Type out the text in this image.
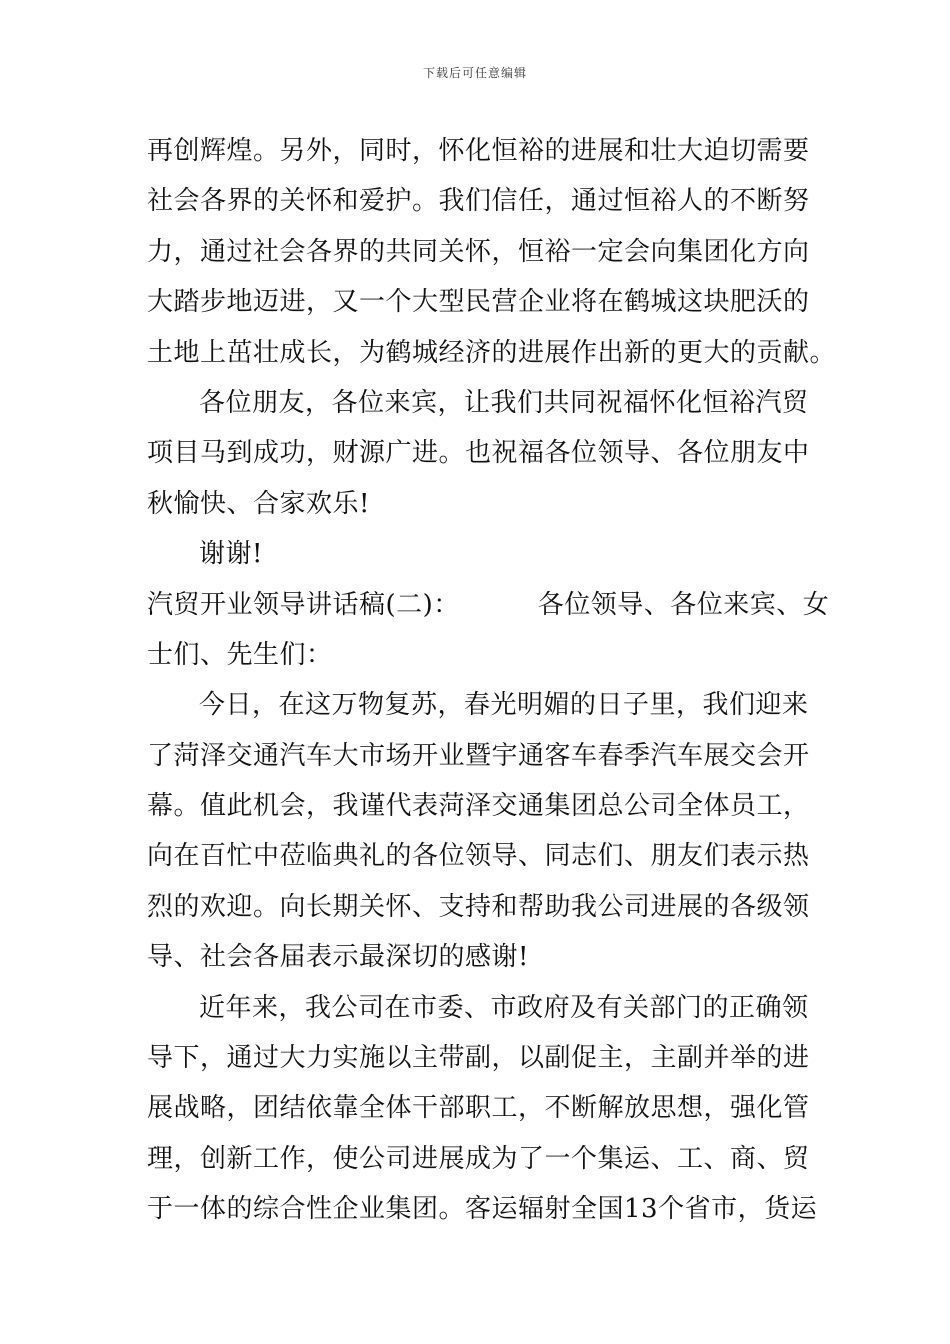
下载后可任意编辑
再创辉煌。另外，同时，怀化恒裕的进展和壮大迫切需要
社会各界的关怀和爱护。我们信任，通过恒裕人的不断努
力，通过社会各界的共同关怀，恒裕一定会向集团化方向
大踏步地迈进，又一个大型民营企业将在鹤城这块肥沃的
土地上茁壮成长，为鹤城经济的进展作出新的更大的贡献。
各位朋友，各位来宾，让我们共同祝福怀化恒裕汽贸
项目马到成功，财源广进。也祝福各位领导、各位朋友中
秋愉快、合家欢乐!
谢谢!
汽贸开业领导讲话稿(二)：	各位领导、各位来宾、女
士们、先生们：
今日，在这万物复苏，春光明媚的日子里，我们迎来
了菏泽交通汽车大市场开业暨宇通客车春季汽车展交会开
幕。值此机会，我谨代表菏泽交通集团总公司全体员工，
向在百忙中莅临典礼的各位领导、同志们、朋友们表示热
烈的欢迎。向长期关怀、支持和帮助我公司进展的各级领
导、社会各届表示最深切的感谢!
近年来，我公司在市委、市政府及有关部门的正确领
导下，通过大力实施以主带副，以副促主，主副并举的进
展战略，团结依靠全体干部职工，不断解放思想，强化管
理，创新工作，使公司进展成为了一个集运、工、商、贸
于一体的综合性企业集团。客运辐射全国13个省市，货运
